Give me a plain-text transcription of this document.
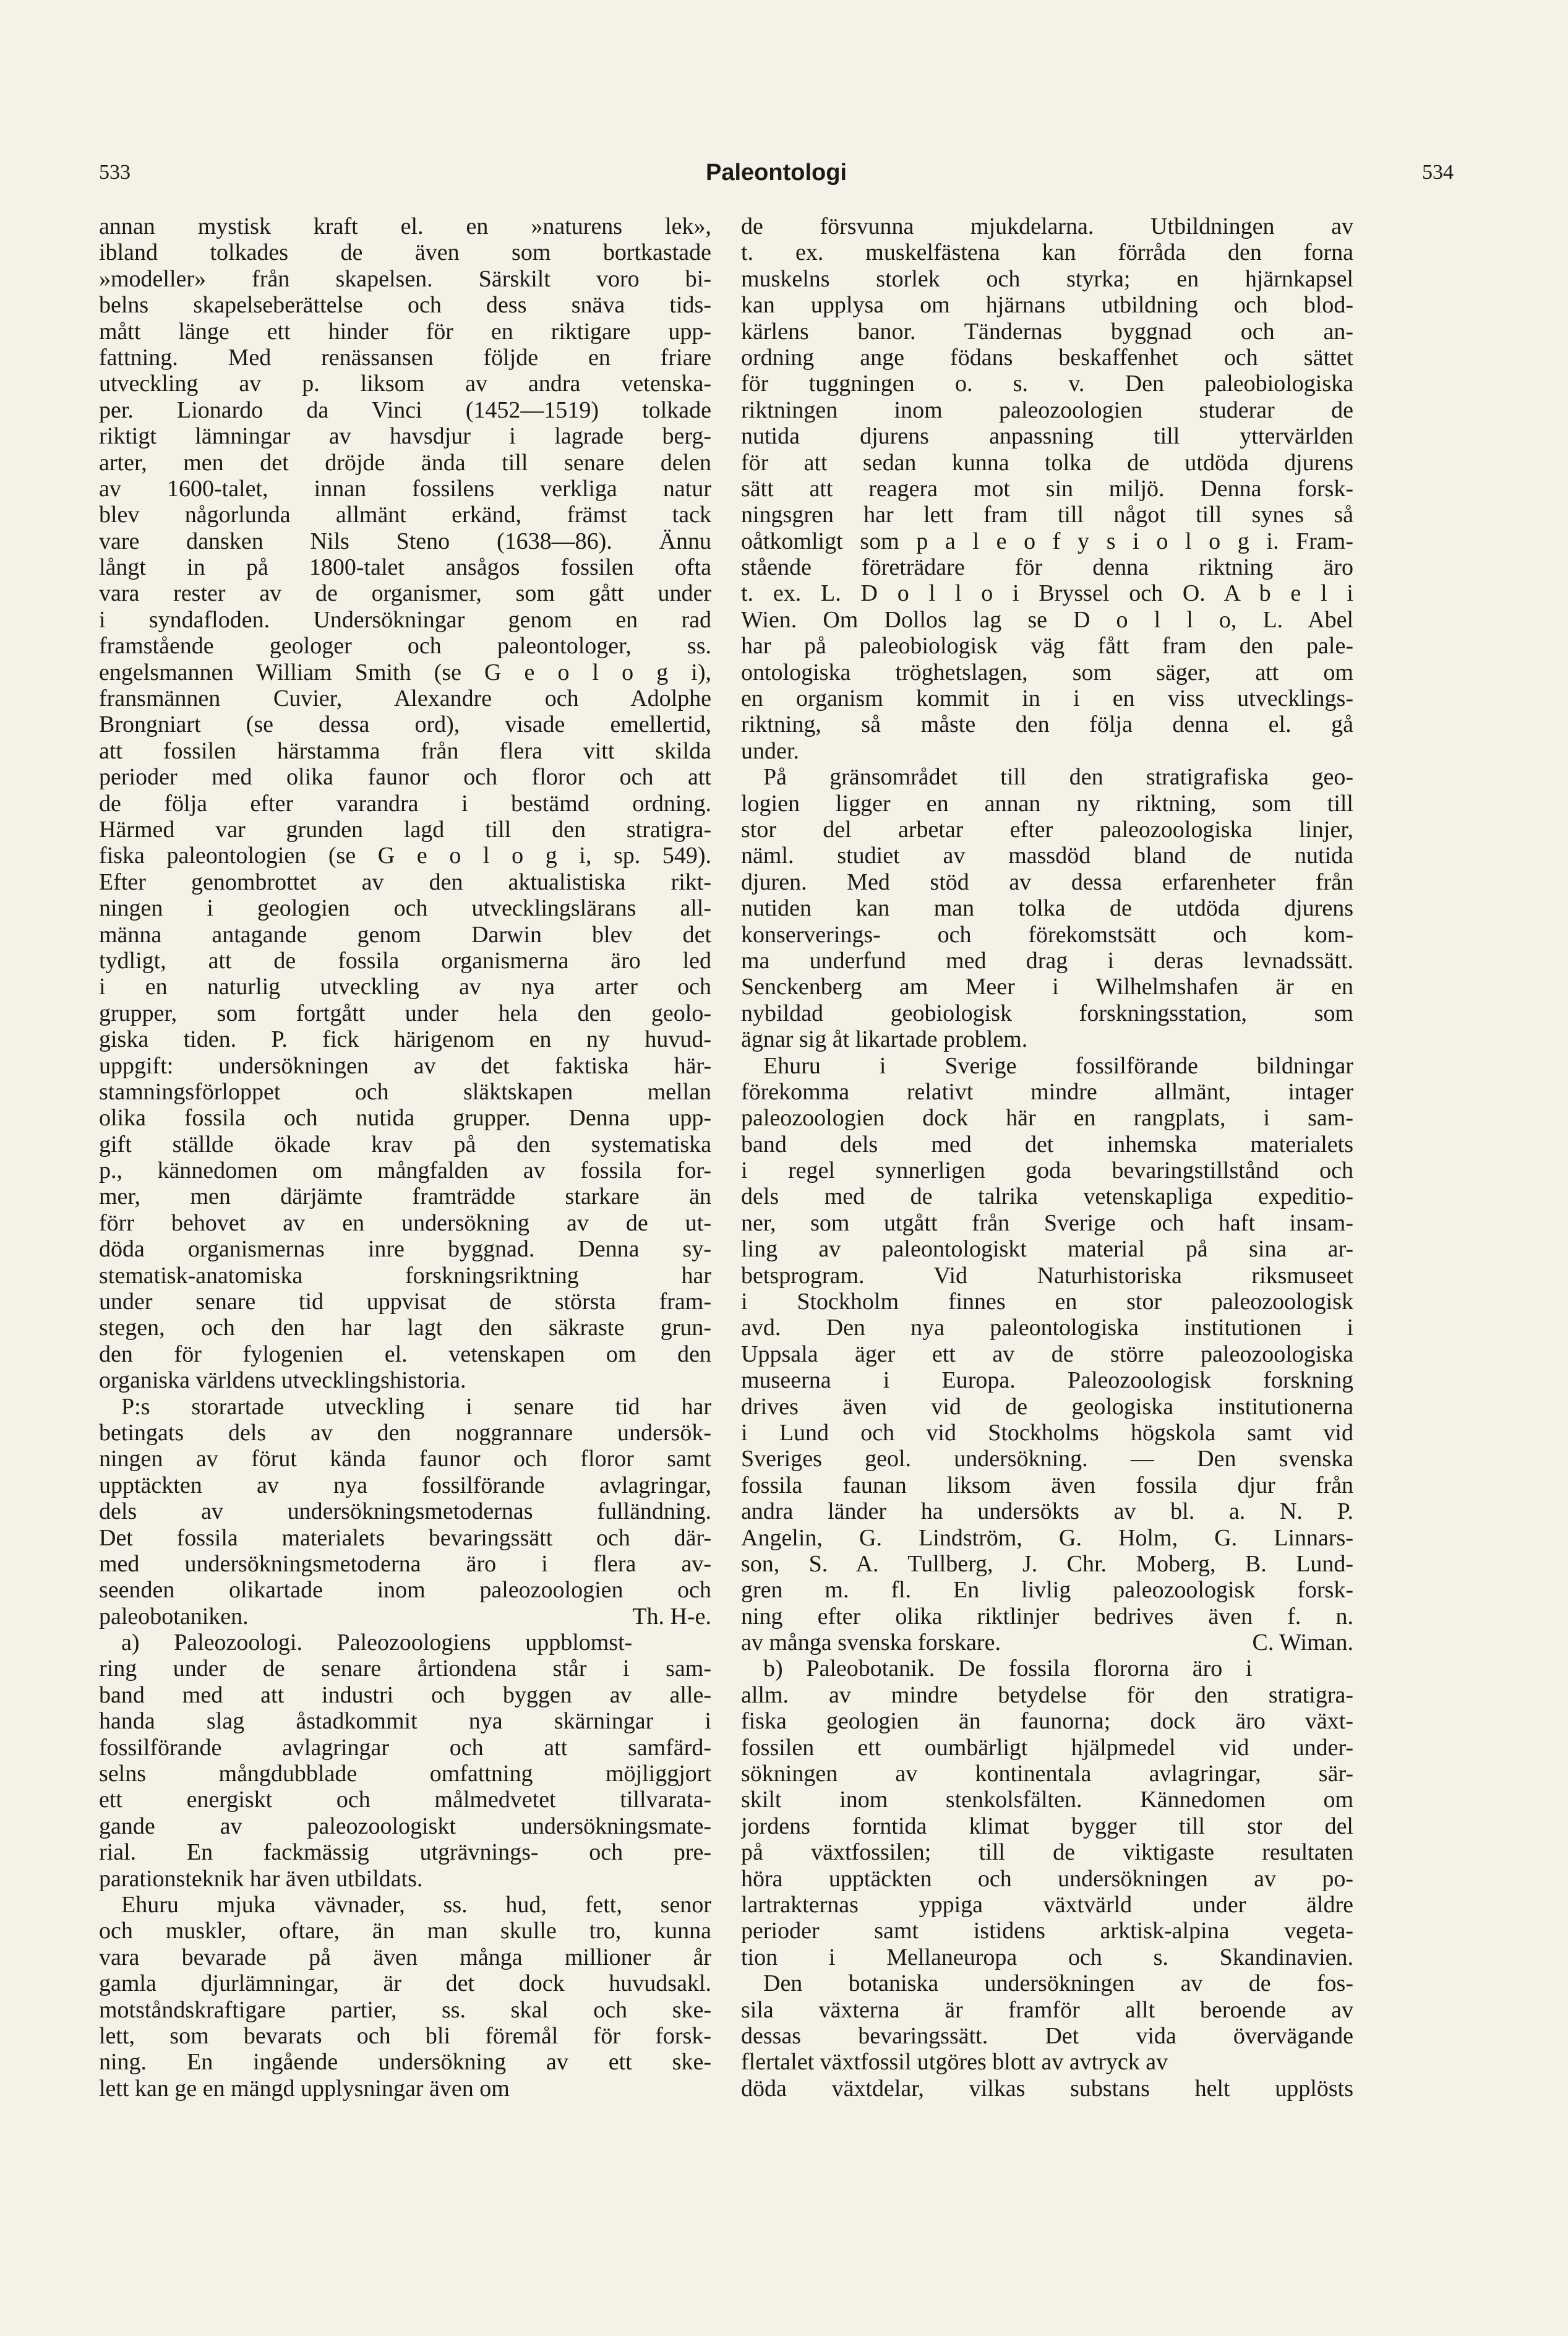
533	Paleontologi	534
annan mystisk kraft el. en »naturens lek»,
ibland tolkades de även som bortkastade
»modeller» från skapelsen. Särskilt voro bi-
belns skapelseberättelse och dess snäva tids-
mått länge ett hinder för en riktigare upp-
fattning. Med renässansen följde en friare
utveckling av p. liksom av andra vetenska-
per. Lionardo da Vinci (1452—1519) tolkade
riktigt lämningar av havsdjur i lagrade berg-
arter, men det dröjde ända till senare delen
av 1600-talet, innan fossilens verkliga natur
blev någorlunda allmänt erkänd, främst tack
vare dansken Nils Steno (1638—86). Ännu
långt in på 1800-talet ansågos fossilen ofta
vara rester av de organismer, som gått under
i syndafloden. Undersökningar genom en rad
framstående geologer och paleontologer, ss.
engelsmannen William Smith (se G e o l o g i),
fransmännen Cuvier, Alexandre och Adolphe
Brongniart (se dessa ord), visade emellertid,
att fossilen härstamma från flera vitt skilda
perioder med olika faunor och floror och att
de följa efter varandra i bestämd ordning.
Härmed var grunden lagd till den stratigra-
fiska paleontologien (se G e o l o g i, sp. 549).
Efter genombrottet av den aktualistiska rikt-
ningen i geologien och utvecklingslärans all-
männa antagande genom Darwin blev det
tydligt, att de fossila organismerna äro led
i en naturlig utveckling av nya arter och
grupper, som fortgått under hela den geolo-
giska tiden. P. fick härigenom en ny huvud-
uppgift: undersökningen av det faktiska här-
stamningsförloppet och släktskapen mellan
olika fossila och nutida grupper. Denna upp-
gift ställde ökade krav på den systematiska
p., kännedomen om mångfalden av fossila for-
mer, men därjämte framträdde starkare än
förr behovet av en undersökning av de ut-
döda organismernas inre byggnad. Denna sy-
stematisk-anatomiska forskningsriktning har
under senare tid uppvisat de största fram-
stegen, och den har lagt den säkraste grun-
den för fylogenien el. vetenskapen om den
organiska världens utvecklingshistoria.
P:s storartade utveckling i senare tid har
betingats dels av den noggrannare undersök-
ningen av förut kända faunor och floror samt
upptäckten av nya fossilförande avlagringar,
dels av undersökningsmetodernas fulländning.
Det fossila materialets bevaringssätt och där-
med undersökningsmetoderna äro i flera av-
seenden olikartade inom paleozoologien och
paleobotaniken.	Th. H-e.
a) Paleozoologi. Paleozoologiens uppblomst-
ring under de senare årtiondena står i sam-
band med att industri och byggen av alle-
handa slag åstadkommit nya skärningar i
fossilförande avlagringar och att samfärd-
selns mångdubblade omfattning möjliggjort
ett energiskt och målmedvetet tillvarata-
gande av paleozoologiskt undersökningsmate-
rial. En fackmässig utgrävnings- och pre-
parationsteknik har även utbildats.
Ehuru mjuka vävnader, ss. hud, fett, senor
och muskler, oftare, än man skulle tro, kunna
vara bevarade på även många millioner år
gamla djurlämningar, är det dock huvudsakl.
motståndskraftigare partier, ss. skal och ske-
lett, som bevarats och bli föremål för forsk-
ning. En ingående undersökning av ett ske-
lett kan ge en mängd upplysningar även om
de försvunna mjukdelarna. Utbildningen av
t. ex. muskelfästena kan förråda den forna
muskelns storlek och styrka; en hjärnkapsel
kan upplysa om hjärnans utbildning och blod-
kärlens banor. Tändernas byggnad och an-
ordning ange födans beskaffenhet och sättet
för tuggningen o. s. v. Den paleobiologiska
riktningen inom paleozoologien studerar de
nutida djurens anpassning till yttervärlden
för att sedan kunna tolka de utdöda djurens
sätt att reagera mot sin miljö. Denna forsk-
ningsgren har lett fram till något till synes så
oåtkomligt som p a l e o f y s i o l o g i. Fram-
stående företrädare för denna riktning äro
t. ex. L. D o l l o i Bryssel och O. A b e l i
Wien. Om Dollos lag se D o l l o, L. Abel
har på paleobiologisk väg fått fram den pale-
ontologiska tröghetslagen, som säger, att om
en organism kommit in i en viss utvecklings-
riktning, så måste den följa denna el. gå
under.
På gränsområdet till den stratigrafiska geo-
logien ligger en annan ny riktning, som till
stor del arbetar efter paleozoologiska linjer,
näml. studiet av massdöd bland de nutida
djuren. Med stöd av dessa erfarenheter från
nutiden kan man tolka de utdöda djurens
konserverings- och förekomstsätt och kom-
ma underfund med drag i deras levnadssätt.
Senckenberg am Meer i Wilhelmshafen är en
nybildad geobiologisk forskningsstation, som
ägnar sig åt likartade problem.
Ehuru i Sverige fossilförande bildningar
förekomma relativt mindre allmänt, intager
paleozoologien dock här en rangplats, i sam-
band dels med det inhemska materialets
i regel synnerligen goda bevaringstillstånd och
dels med de talrika vetenskapliga expeditio-
ner, som utgått från Sverige och haft insam-
ling av paleontologiskt material på sina ar-
betsprogram. Vid Naturhistoriska riksmuseet
i Stockholm finnes en stor paleozoologisk
avd. Den nya paleontologiska institutionen i
Uppsala äger ett av de större paleozoologiska
museerna i Europa. Paleozoologisk forskning
drives även vid de geologiska institutionerna
i Lund och vid Stockholms högskola samt vid
Sveriges geol. undersökning. — Den svenska
fossila faunan liksom även fossila djur från
andra länder ha undersökts av bl. a. N. P.
Angelin, G. Lindström, G. Holm, G. Linnars-
son, S. A. Tullberg, J. Chr. Moberg, B. Lund-
gren m. fl. En livlig paleozoologisk forsk-
ning efter olika riktlinjer bedrives även f. n.
av många svenska forskare.	C. Wiman.
b) Paleobotanik. De fossila flororna äro i
allm. av mindre betydelse för den stratigra-
fiska geologien än faunorna; dock äro växt-
fossilen ett oumbärligt hjälpmedel vid under-
sökningen av kontinentala avlagringar, sär-
skilt inom stenkolsfälten. Kännedomen om
jordens forntida klimat bygger till stor del
på växtfossilen; till de viktigaste resultaten
höra upptäckten och undersökningen av po-
lartrakternas yppiga växtvärld under äldre
perioder samt istidens arktisk-alpina vegeta-
tion i Mellaneuropa och s. Skandinavien.
Den botaniska undersökningen av de fos-
sila växterna är framför allt beroende av
dessas bevaringssätt. Det vida övervägande
flertalet växtfossil utgöres blott av avtryck av
döda växtdelar, vilkas substans helt upplösts
